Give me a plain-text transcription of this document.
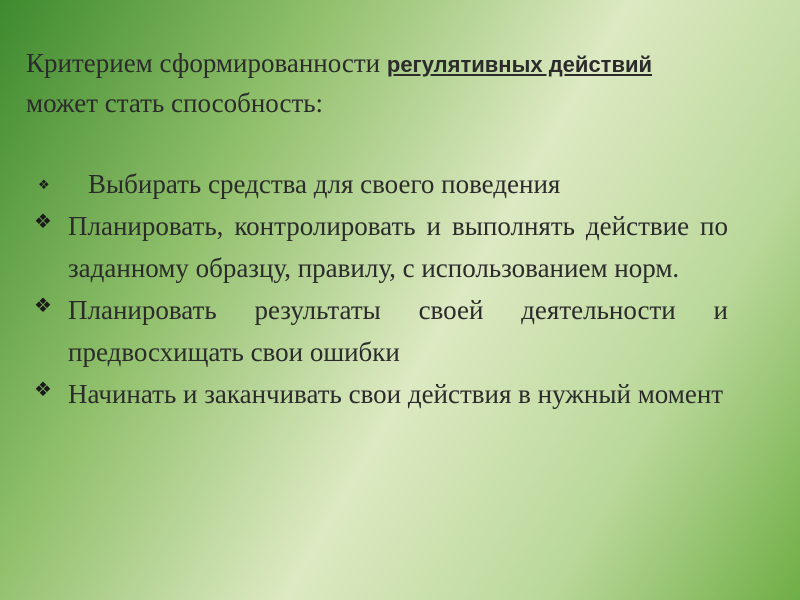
Критерием сформированности регулятивных действий
может стать способность:
❖	Выбирать средства для своего поведения
❖ Планировать, контролировать и выполнять действие по заданному образцу, правилу, с использованием норм.
❖ Планировать результаты своей деятельности и предвосхищать свои ошибки
❖ Начинать и заканчивать свои действия в нужный момент
